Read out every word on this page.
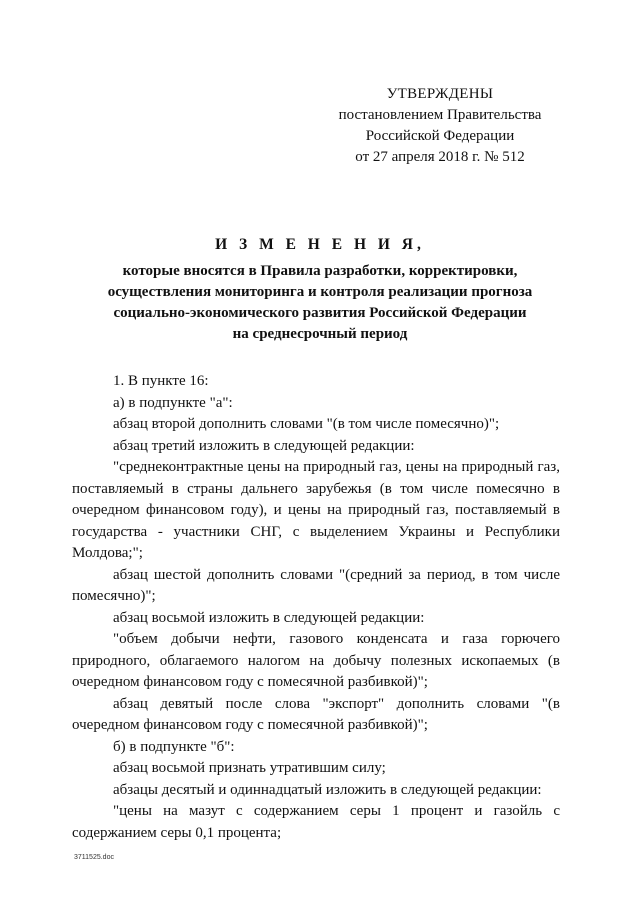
УТВЕРЖДЕНЫ
постановлением Правительства
Российской Федерации
от 27 апреля 2018 г. № 512
И З М Е Н Е Н И Я,
которые вносятся в Правила разработки, корректировки,
осуществления мониторинга и контроля реализации прогноза
социально-экономического развития Российской Федерации
на среднесрочный период

1. В пункте 16:

а) в подпункте "а":

абзац второй дополнить словами "(в том числе помесячно)";

абзац третий изложить в следующей редакции:

"среднеконтрактные цены на природный газ, цены на природный газ, поставляемый в страны дальнего зарубежья (в том числе помесячно в очередном финансовом году), и цены на природный газ, поставляемый в государства - участники СНГ, с выделением Украины и Республики Молдова;";

абзац шестой дополнить словами "(средний за период, в том числе помесячно)";

абзац восьмой изложить в следующей редакции:

"объем добычи нефти, газового конденсата и газа горючего природного, облагаемого налогом на добычу полезных ископаемых (в очередном финансовом году с помесячной разбивкой)";

абзац девятый после слова "экспорт" дополнить словами "(в очередном финансовом году с помесячной разбивкой)";

б) в подпункте "б":

абзац восьмой признать утратившим силу;

абзацы десятый и одиннадцатый изложить в следующей редакции:

"цены на мазут с содержанием серы 1 процент и газойль с содержанием серы 0,1 процента;

3711525.doc
